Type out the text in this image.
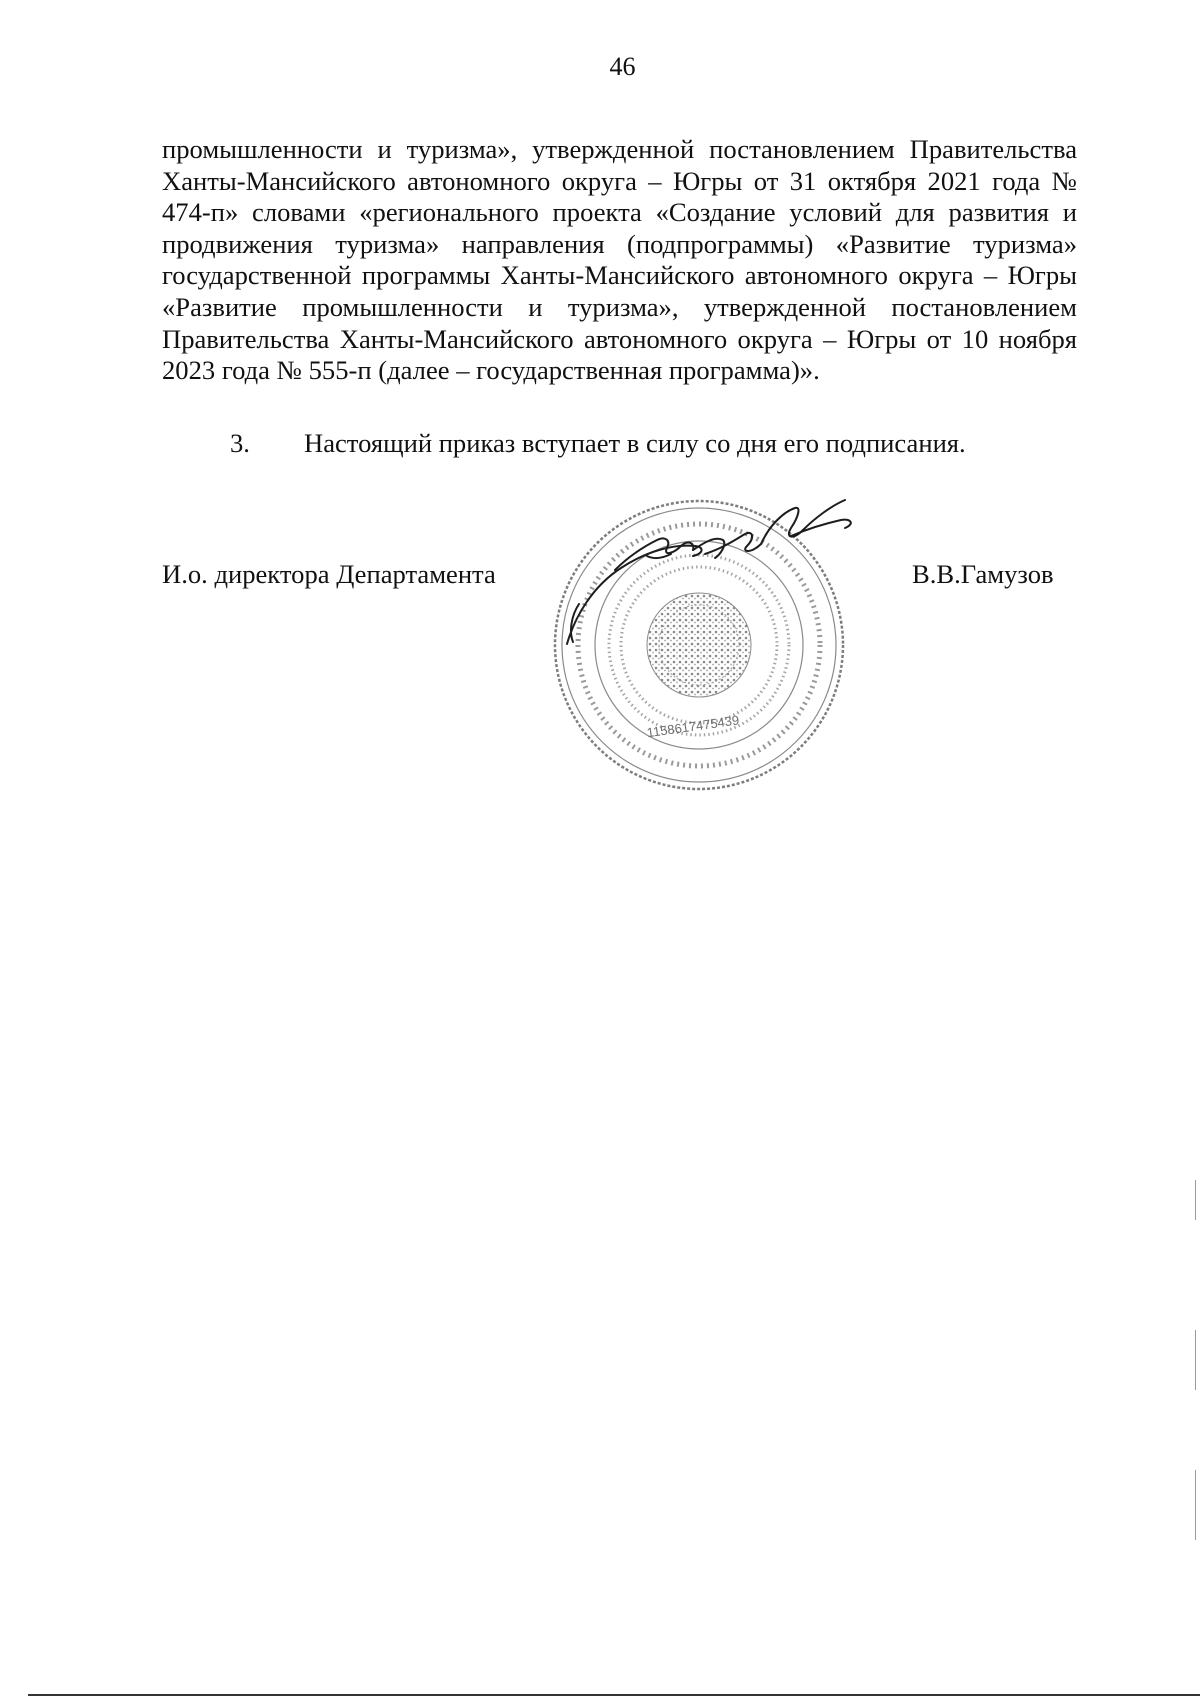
46

промышленности и туризма», утвержденной постановлением Правительства Ханты-Мансийского автономного округа – Югры от 31 октября 2021 года № 474-п» словами «регионального проекта «Создание условий для развития и продвижения туризма» направления (подпрограммы) «Развитие туризма» государственной программы Ханты-Мансийского автономного округа – Югры «Развитие промышленности и туризма», утвержденной постановлением Правительства Ханты-Мансийского автономного округа – Югры от 10 ноября 2023 года № 555-п (далее – государственная программа)».

3. Настоящий приказ вступает в силу со дня его подписания.
И.о. директора Департамента	В.В.Гамузов
1158617475439
